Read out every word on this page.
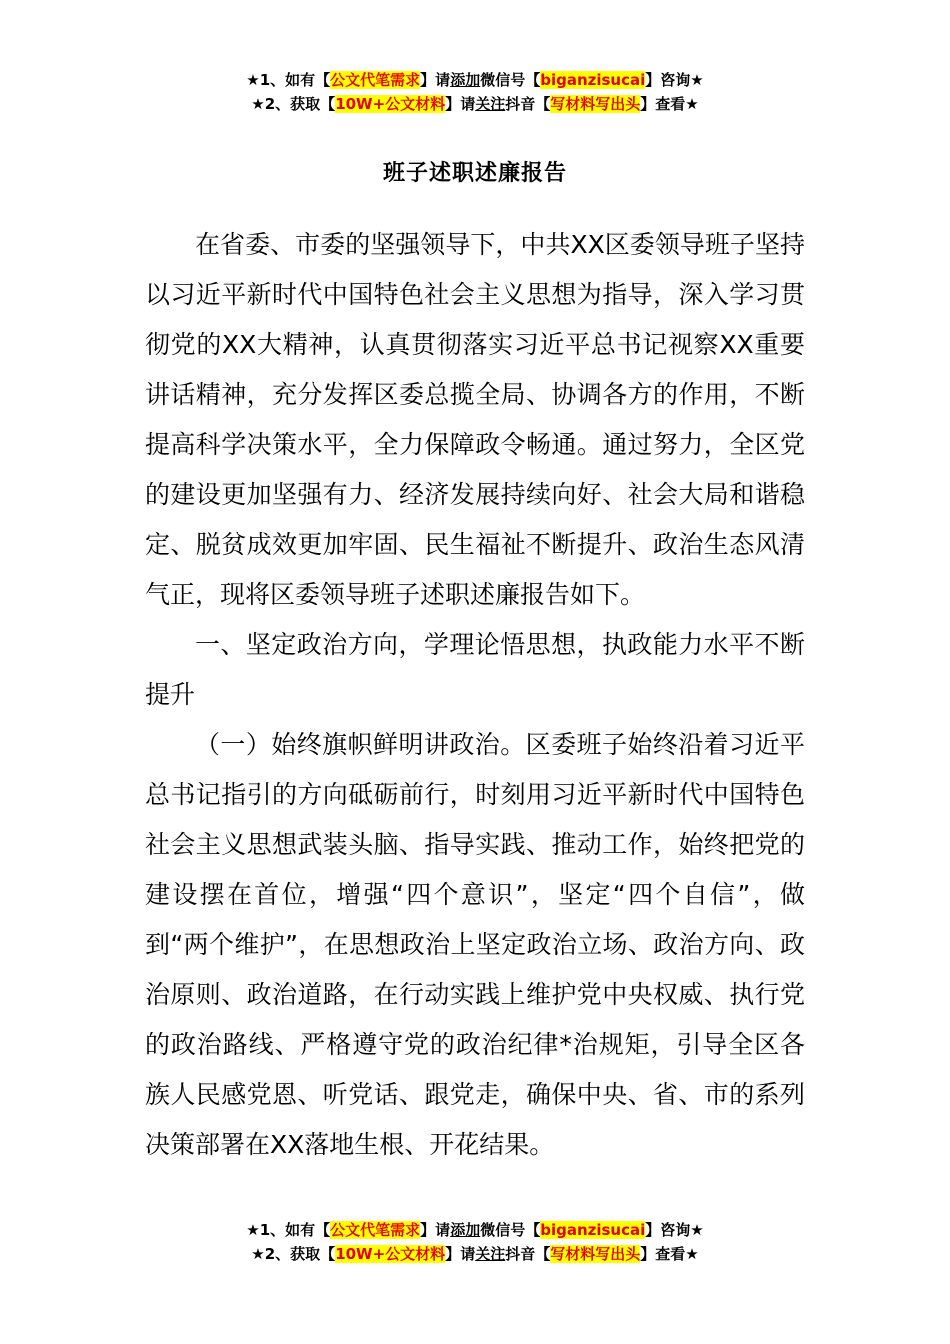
★1、如有【公文代笔需求】请添加微信号【biganzisucai】咨询★
★2、获取【10W+公文材料】请关注抖音【写材料写出头】查看★
班子述职述廉报告

在省委、市委的坚强领导下，中共XX区委领导班子坚持以习近平新时代中国特色社会主义思想为指导，深入学习贯彻党的XX大精神，认真贯彻落实习近平总书记视察XX重要讲话精神，充分发挥区委总揽全局、协调各方的作用，不断提高科学决策水平，全力保障政令畅通。通过努力，全区党的建设更加坚强有力、经济发展持续向好、社会大局和谐稳定、脱贫成效更加牢固、民生福祉不断提升、政治生态风清气正，现将区委领导班子述职述廉报告如下。

一、坚定政治方向，学理论悟思想，执政能力水平不断提升

（一）始终旗帜鲜明讲政治。区委班子始终沿着习近平总书记指引的方向砥砺前行，时刻用习近平新时代中国特色社会主义思想武装头脑、指导实践、推动工作，始终把党的建设摆在首位，增强“四个意识”，坚定“四个自信”，做到“两个维护”，在思想政治上坚定政治立场、政治方向、政治原则、政治道路，在行动实践上维护党中央权威、执行党的政治路线、严格遵守党的政治纪律*治规矩，引导全区各族人民感党恩、听党话、跟党走，确保中央、省、市的系列决策部署在XX落地生根、开花结果。

★1、如有【公文代笔需求】请添加微信号【biganzisucai】咨询★
★2、获取【10W+公文材料】请关注抖音【写材料写出头】查看★
